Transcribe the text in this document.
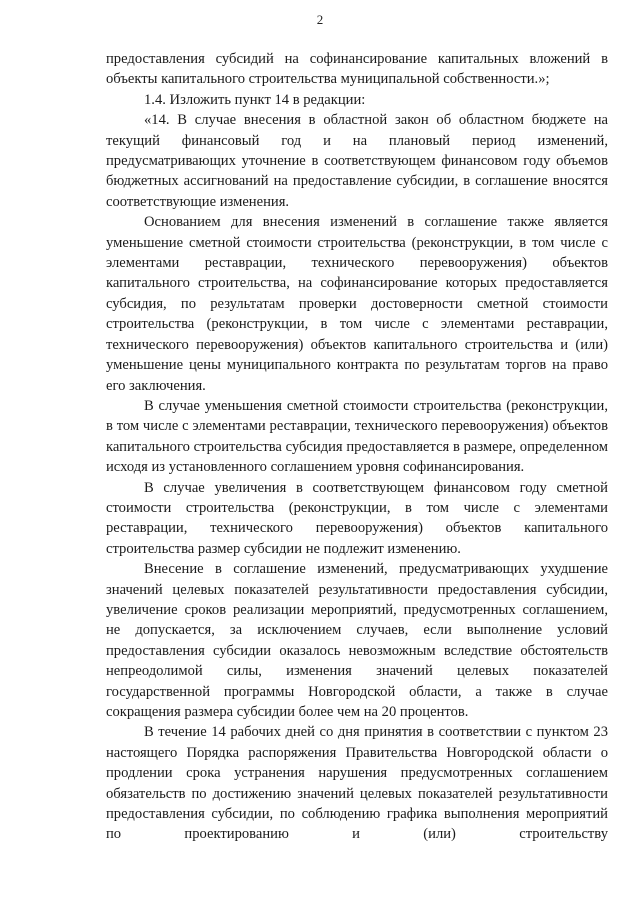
2

предоставления субсидий на софинансирование капитальных вложений в объекты капитального строительства муниципальной собственности.»;

1.4. Изложить пункт 14 в редакции:

«14. В случае внесения в областной закон об областном бюджете на текущий финансовый год и на плановый период изменений, предусматривающих уточнение в соответствующем финансовом году объемов бюджетных ассигнований на предоставление субсидии, в соглашение вносятся соответствующие изменения.

Основанием для внесения изменений в соглашение также является уменьшение сметной стоимости строительства (реконструкции, в том числе с элементами реставрации, технического перевооружения) объектов капитального строительства, на софинансирование которых предоставляется субсидия, по результатам проверки достоверности сметной стоимости строительства (реконструкции, в том числе с элементами реставрации, технического перевооружения) объектов капитального строительства и (или) уменьшение цены муниципального контракта по результатам торгов на право его заключения.

В случае уменьшения сметной стоимости строительства (реконструкции, в том числе с элементами реставрации, технического перевооружения) объектов капитального строительства субсидия предоставляется в размере, определенном исходя из установленного соглашением уровня софинансирования.

В случае увеличения в соответствующем финансовом году сметной стоимости строительства (реконструкции, в том числе с элементами реставрации, технического перевооружения) объектов капитального строительства размер субсидии не подлежит изменению.

Внесение в соглашение изменений, предусматривающих ухудшение значений целевых показателей результативности предоставления субсидии, увеличение сроков реализации мероприятий, предусмотренных соглашением, не допускается, за исключением случаев, если выполнение условий предоставления субсидии оказалось невозможным вследствие обстоятельств непреодолимой силы, изменения значений целевых показателей государственной программы Новгородской области, а также в случае сокращения размера субсидии более чем на 20 процентов.

В течение 14 рабочих дней со дня принятия в соответствии с пунктом 23 настоящего Порядка распоряжения Правительства Новгородской области о продлении срока устранения нарушения предусмотренных соглашением обязательств по достижению значений целевых показателей результативности предоставления субсидии, по соблюдению графика выполнения мероприятий по проектированию и (или) строительству
